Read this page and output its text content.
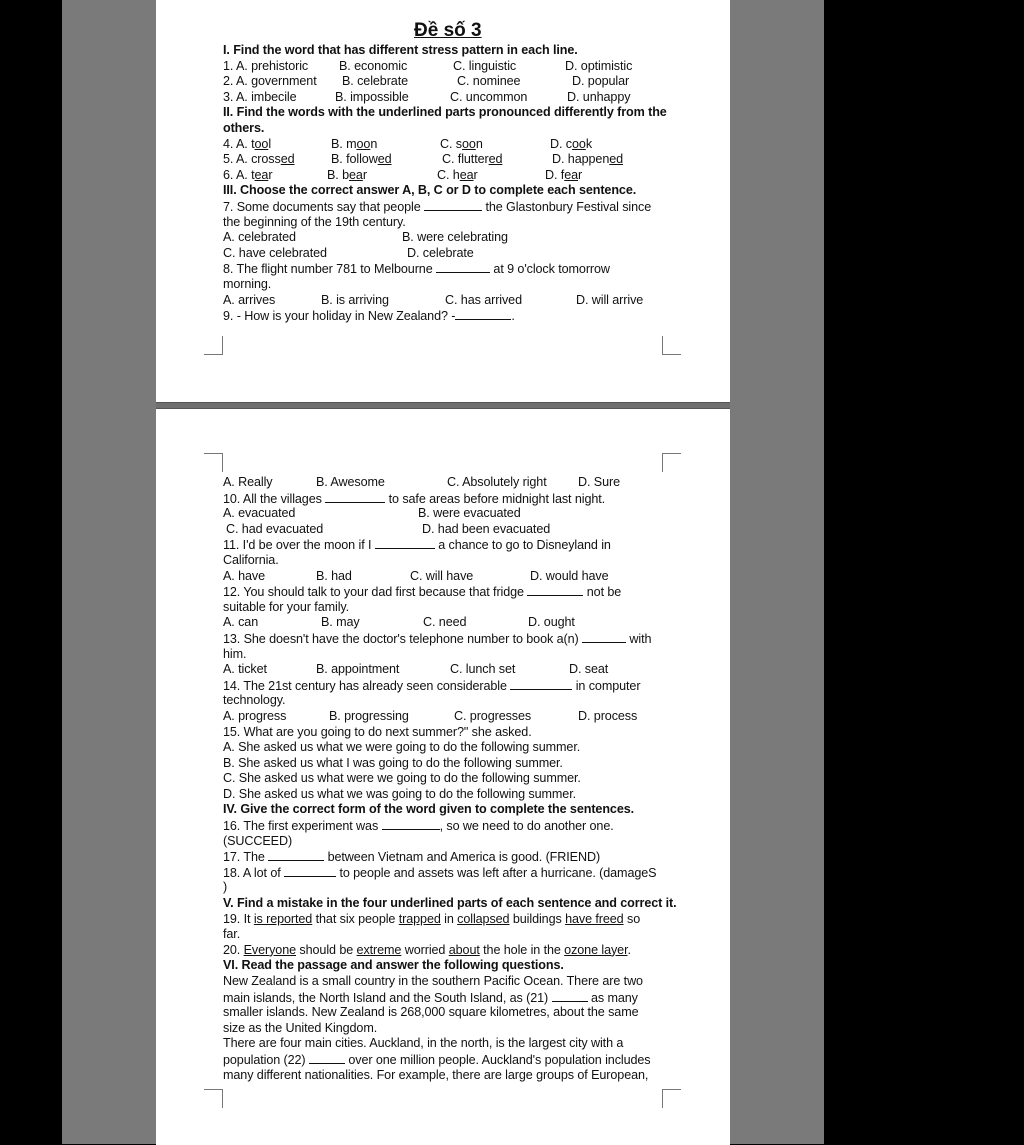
Đề số 3
I. Find the word that has different stress pattern in each line.
1. A. prehistoric B. economic	C. linguistic	D. optimistic
2. A. government B. celebrate	C. nominee	D. popular
3. A. imbecile	B. impossible	C. uncommon	D. unhappy
II. Find the words with the underlined parts pronounced differently from the others.
4. A. tool	B. moon	C. soon	D. cook
5. A. crossed	B. followed	C. fluttered	D. happened
6. A. tear	B. bear	C. hear	D. fear
III. Choose the correct answer A, B, C or D to complete each sentence.
7. Some documents say that people	the Glastonbury Festival since
the beginning of the 19th century.
A. celebrated	B. were celebrating
C. have celebrated	D. celebrate
8. The flight number 781 to Melbourne	at 9 o'clock tomorrow
morning.
A. arrives	B. is arriving	C. has arrived	D. will arrive
9. - How is your holiday in New Zealand? -	.
A. Really	B. Awesome	C. Absolutely right D. Sure
10. All the villages	to safe areas before midnight last night.
A. evacuated	B. were evacuated
C. had evacuated	D. had been evacuated
11. I'd be over the moon if I	a chance to go to Disneyland in
California.
A. have	B. had	C. will have	D. would have
12. You should talk to your dad first because that fridge	not be
suitable for your family.
A. can	B. may	C. need	D. ought
13. She doesn't have the doctor's telephone number to book a(n)	with
him.
A. ticket	B. appointment	C. lunch set	D. seat
14. The 21st century has already seen considerable	in computer
technology.
A. progress	B. progressing	C. progresses	D. process
15. What are you going to do next summer?" she asked.
A. She asked us what we were going to do the following summer.
B. She asked us what I was going to do the following summer.
C. She asked us what were we going to do the following summer.
D. She asked us what we was going to do the following summer.
IV. Give the correct form of the word given to complete the sentences.
16. The first experiment was	, so we need to do another one.
(SUCCEED)
17. The	between Vietnam and America is good. (FRIEND)
18. A lot of	to people and assets was left after a hurricane. (damageS
)
V. Find a mistake in the four underlined parts of each sentence and correct it.
19. It is reported that six people trapped in collapsed buildings have freed so
far.
20. Everyone should be extreme worried about the hole in the ozone layer.
VI. Read the passage and answer the following questions.
New Zealand is a small country in the southern Pacific Ocean. There are two
main islands, the North Island and the South Island, as (21)	as many
smaller islands. New Zealand is 268,000 square kilometres, about the same
size as the United Kingdom.
There are four main cities. Auckland, in the north, is the largest city with a
population (22)	over one million people. Auckland's population includes
many different nationalities. For example, there are large groups of European,
